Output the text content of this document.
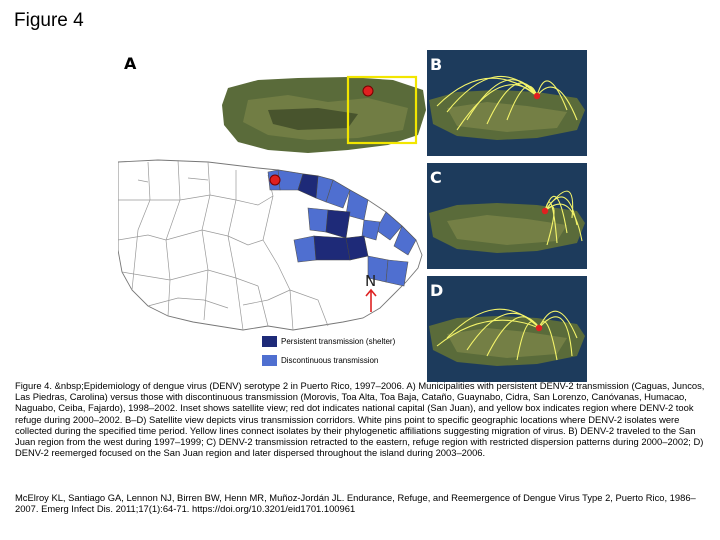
Figure 4
A
N
Persistent transmission (shelter)
Discontinuous transmission
B
C
D
Figure 4. &nbsp;Epidemiology of dengue virus (DENV) serotype 2 in Puerto Rico, 1997–2006. A) Municipalities with persistent DENV-2 transmission (Caguas, Juncos, Las Piedras, Carolina) versus those with discontinuous transmission (Morovis, Toa Alta, Toa Baja, Cataño, Guaynabo, Cidra, San Lorenzo, Canóvanas, Humacao, Naguabo, Ceiba, Fajardo), 1998–2002. Inset shows satellite view; red dot indicates national capital (San Juan), and yellow box indicates region where DENV-2 took refuge during 2000–2002. B–D) Satellite view depicts virus transmission corridors. White pins point to specific geographic locations where DENV-2 isolates were collected during the specified time period. Yellow lines connect isolates by their phylogenetic affiliations suggesting migration of virus. B) DENV-2 traveled to the San Juan region from the west during 1997–1999; C) DENV-2 transmission retracted to the eastern, refuge region with restricted dispersion patterns during 2000–2002; D) DENV-2 reemerged focused on the San Juan region and later dispersed throughout the island during 2003–2006.
McElroy KL, Santiago GA, Lennon NJ, Birren BW, Henn MR, Muñoz-Jordán JL. Endurance, Refuge, and Reemergence of Dengue Virus Type 2, Puerto Rico, 1986–2007. Emerg Infect Dis. 2011;17(1):64-71. https://doi.org/10.3201/eid1701.100961
